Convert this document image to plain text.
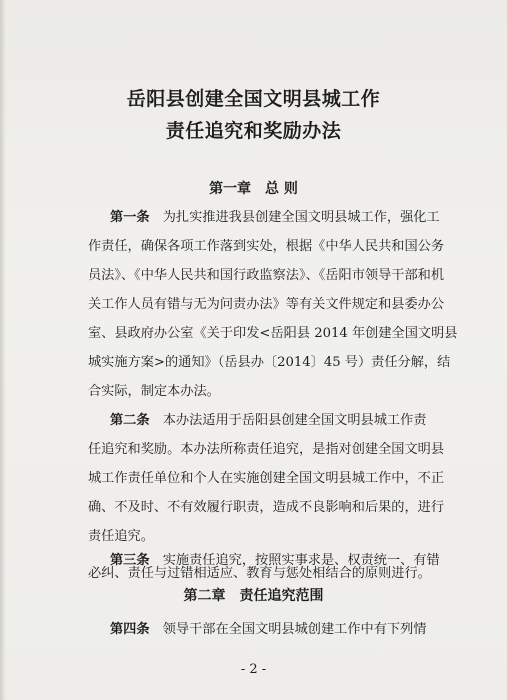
岳阳县创建全国文明县城工作
责任追究和奖励办法
第一章　总 则
第一条　 为扎实推进我县创建全国文明县城工作，强化工
作责任，确保各项工作落到实处，根据《中华人民共和国公务
员法》、《中华人民共和国行政监察法》、《岳阳市领导干部和机
关工作人员有错与无为问责办法》等有关文件规定和县委办公
室、县政府办公室《关于印发<岳阳县 2014 年创建全国文明县
城实施方案>的通知》（岳县办〔2014〕45 号）责任分解，结
合实际，制定本办法。
第二条　 本办法适用于岳阳县创建全国文明县城工作责
任追究和奖励。本办法所称责任追究，是指对创建全国文明县
城工作责任单位和个人在实施创建全国文明县城工作中，不正
确、不及时、不有效履行职责，造成不良影响和后果的，进行
责任追究。
第三条　 实施责任追究，按照实事求是、权责统一、有错
必纠、责任与过错相适应、教育与惩处相结合的原则进行。
第二章　责任追究范围
第四条　 领导干部在全国文明县城创建工作中有下列情
- 2 -
